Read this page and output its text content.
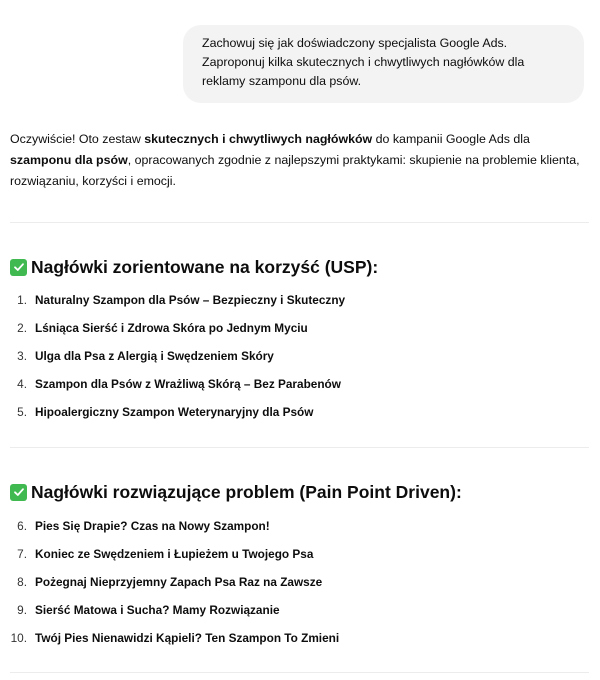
Zachowuj się jak doświadczony specjalista Google Ads. Zaproponuj kilka skutecznych i chwytliwych nagłówków dla reklamy szamponu dla psów.

Oczywiście! Oto zestaw skutecznych i chwytliwych nagłówków do kampanii Google Ads dla szamponu dla psów, opracowanych zgodnie z najlepszymi praktykami: skupienie na problemie klienta, rozwiązaniu, korzyści i emocji.

Nagłówki zorientowane na korzyść (USP):
1. Naturalny Szampon dla Psów – Bezpieczny i Skuteczny
2. Lśniąca Sierść i Zdrowa Skóra po Jednym Myciu
3. Ulga dla Psa z Alergią i Swędzeniem Skóry
4. Szampon dla Psów z Wrażliwą Skórą – Bez Parabenów
5. Hipoalergiczny Szampon Weterynaryjny dla Psów
Nagłówki rozwiązujące problem (Pain Point Driven):
6. Pies Się Drapie? Czas na Nowy Szampon!
7. Koniec ze Swędzeniem i Łupieżem u Twojego Psa
8. Pożegnaj Nieprzyjemny Zapach Psa Raz na Zawsze
9. Sierść Matowa i Sucha? Mamy Rozwiązanie
10. Twój Pies Nienawidzi Kąpieli? Ten Szampon To Zmieni
